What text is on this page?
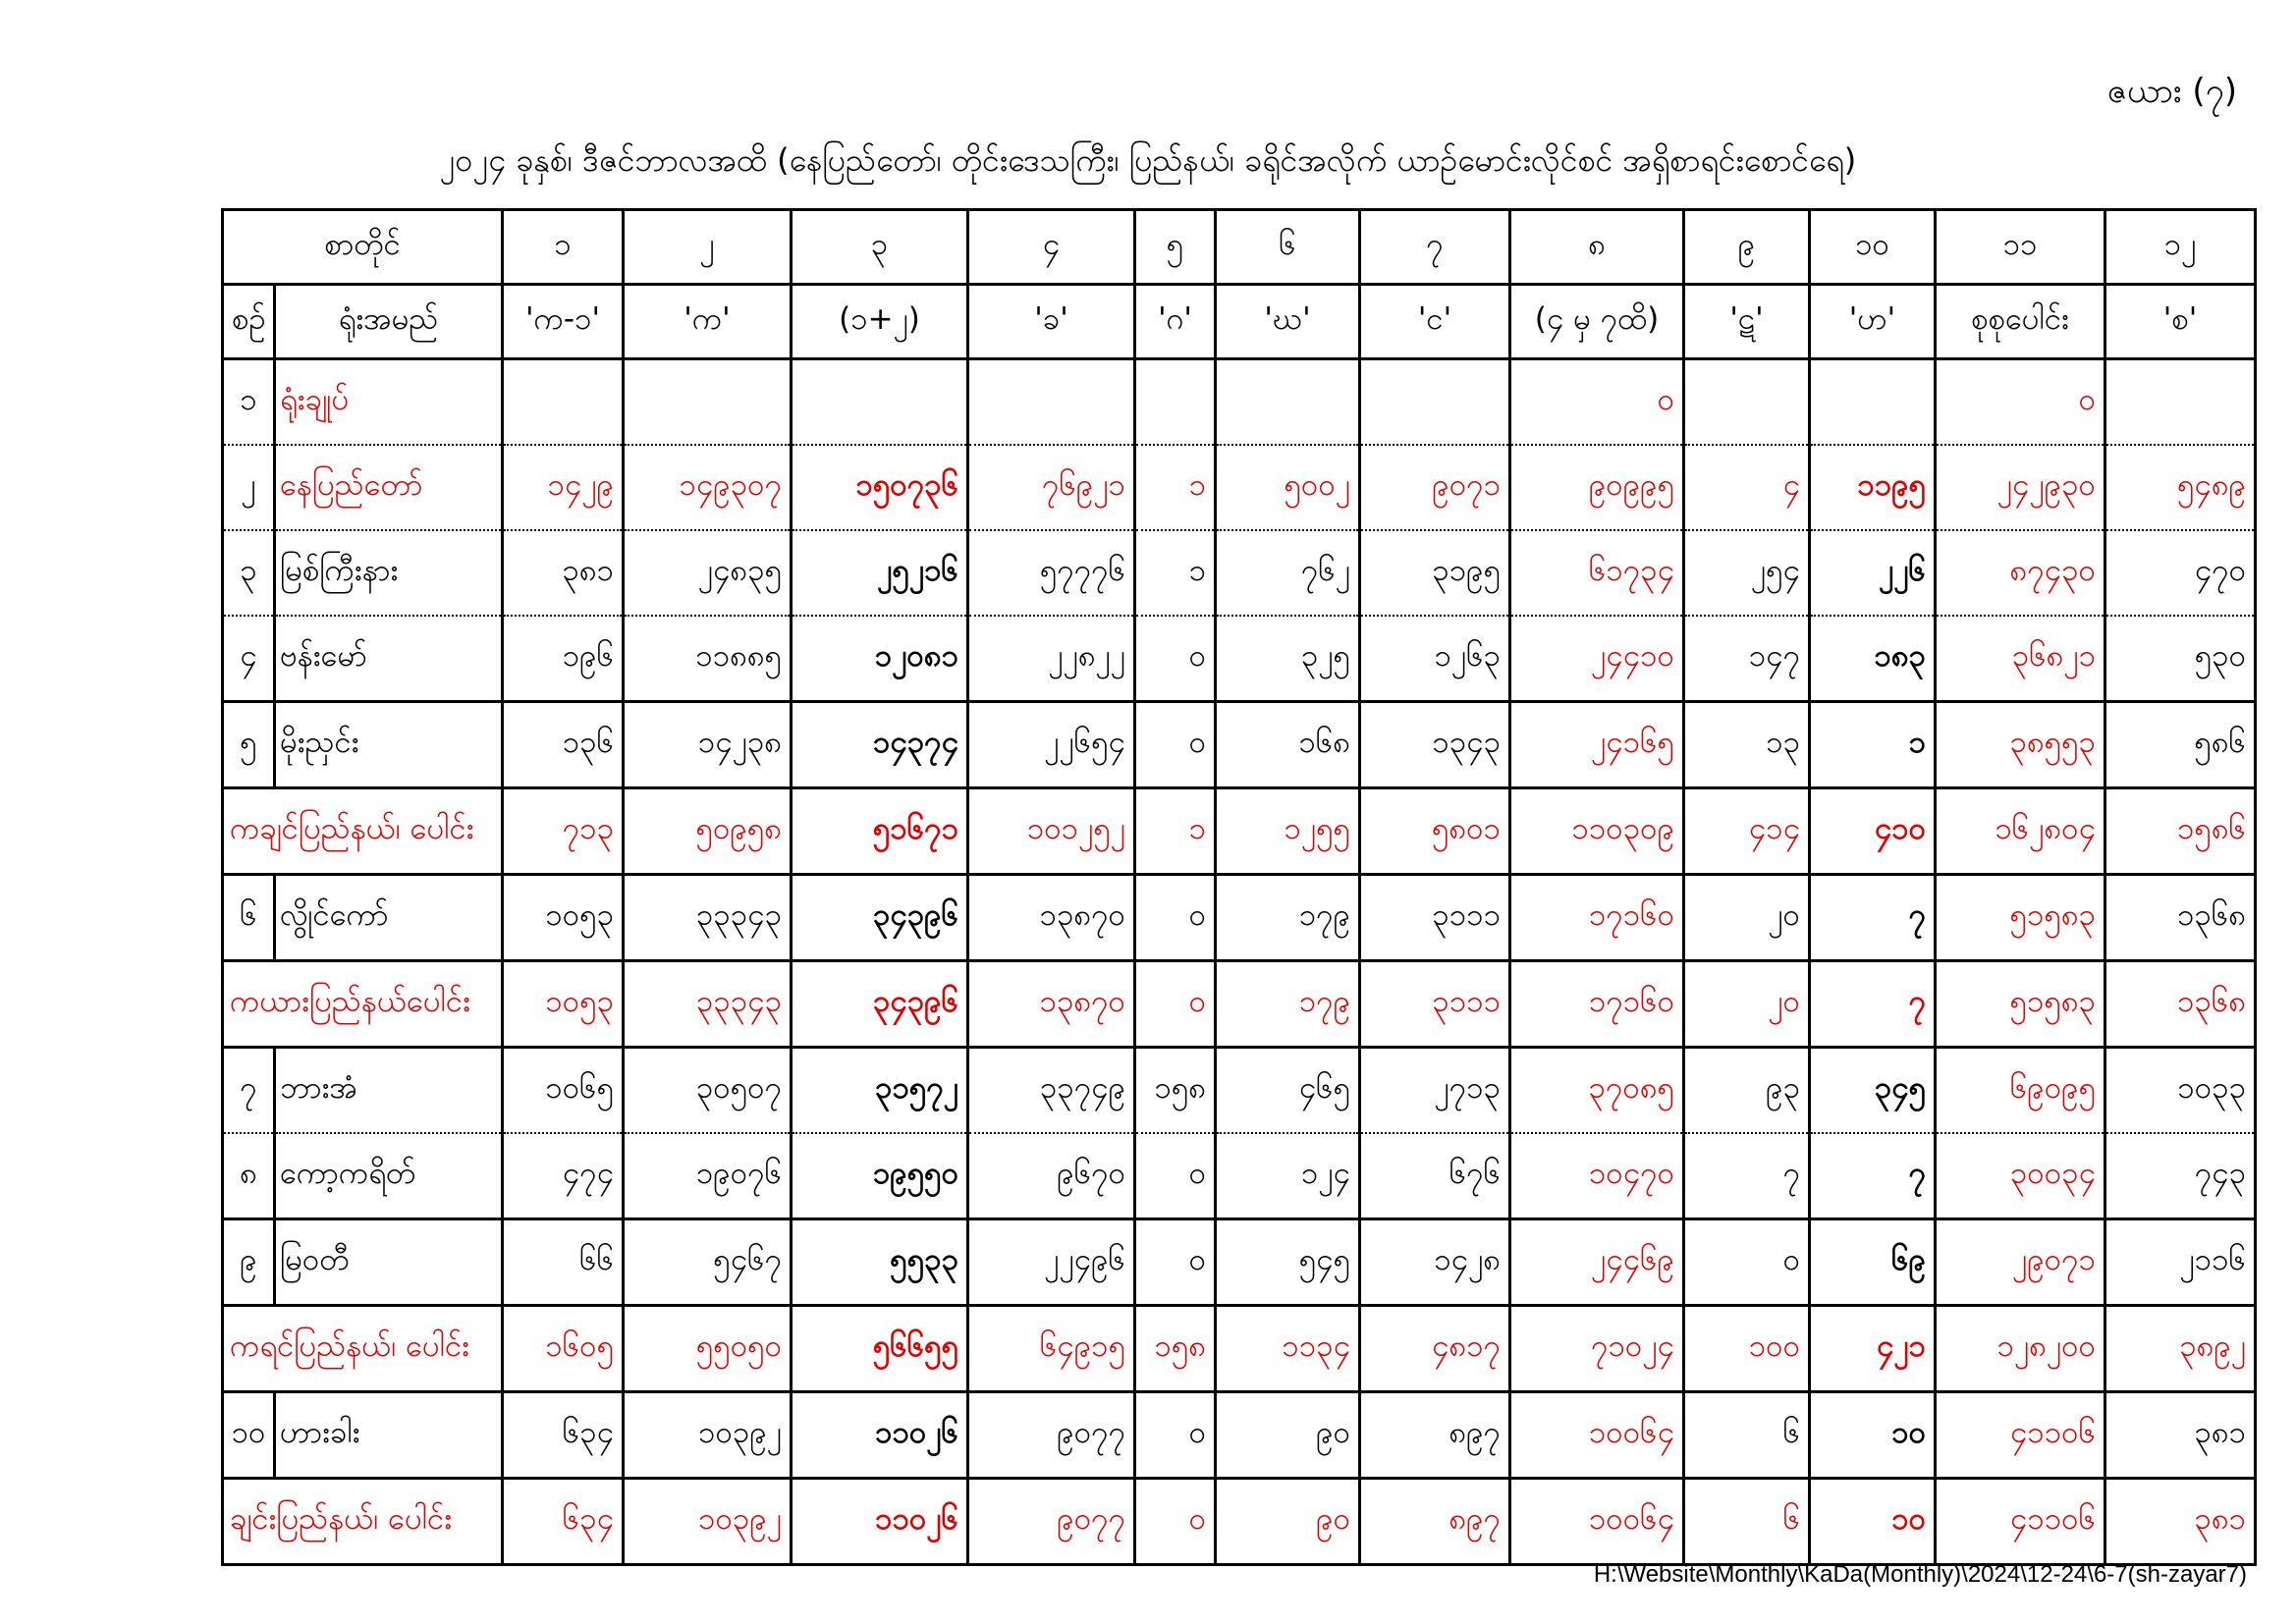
ဇယား (၇)
၂၀၂၄ ခုနှစ်၊ ဒီဇင်ဘာလအထိ (နေပြည်တော်၊ တိုင်းဒေသကြီး၊ ပြည်နယ်၊ ခရိုင်အလိုက် ယာဉ်မောင်းလိုင်စင် အရှိစာရင်းစောင်ရေ)
စာတိုင်		၁	၂	၃	၄	၅	၆	၇	၈	၉	၁၀	၁၁	၁၂
စဉ်	ရုံးအမည်	'က-၁'	'က'	(၁+၂)	'ခ'	'ဂ'	'ဃ'	'င'	(၄ မှ ၇ထိ)	'ဋ'	'ဟ'	စုစုပေါင်း	'စ'
၁	ရုံးချုပ်								၀			၀	
၂	နေပြည်တော်	၁၄၂၉	၁၄၉၃၀၇	၁၅၀၇၃၆	၇၆၉၂၁	၁	၅၀၀၂	၉၀၇၁	၉၀၉၉၅	၄	၁၁၉၅	၂၄၂၉၃၀	၅၄၈၉
၃	မြစ်ကြီးနား	၃၈၁	၂၄၈၃၅	၂၅၂၁၆	၅၇၇၇၆	၁	၇၆၂	၃၁၉၅	၆၁၇၃၄	၂၅၄	၂၂၆	၈၇၄၃၀	၄၇၀
၄	ဗန်းမော်	၁၉၆	၁၁၈၈၅	၁၂၀၈၁	၂၂၈၂၂	၀	၃၂၅	၁၂၆၃	၂၄၄၁၀	၁၄၇	၁၈၃	၃၆၈၂၁	၅၃၀
၅	မိုးညှင်း	၁၃၆	၁၄၂၃၈	၁၄၃၇၄	၂၂၆၅၄	၀	၁၆၈	၁၃၄၃	၂၄၁၆၅	၁၃	၁	၃၈၅၅၃	၅၈၆
ကချင်ပြည်နယ်၊ ပေါင်း		၇၁၃	၅၀၉၅၈	၅၁၆၇၁	၁၀၁၂၅၂	၁	၁၂၅၅	၅၈၀၁	၁၁၀၃၀၉	၄၁၄	၄၁၀	၁၆၂၈၀၄	၁၅၈၆
၆	လွိုင်ကော်	၁၀၅၃	၃၃၃၄၃	၃၄၃၉၆	၁၃၈၇၀	၀	၁၇၉	၃၁၁၁	၁၇၁၆၀	၂၀	၇	၅၁၅၈၃	၁၃၆၈
ကယားပြည်နယ်ပေါင်း		၁၀၅၃	၃၃၃၄၃	၃၄၃၉၆	၁၃၈၇၀	၀	၁၇၉	၃၁၁၁	၁၇၁၆၀	၂၀	၇	၅၁၅၈၃	၁၃၆၈
၇	ဘားအံ	၁၀၆၅	၃၀၅၀၇	၃၁၅၇၂	၃၃၇၄၉	၁၅၈	၄၆၅	၂၇၁၃	၃၇၀၈၅	၉၃	၃၄၅	၆၉၀၉၅	၁၀၃၃
၈	ကော့ကရိတ်	၄၇၄	၁၉၀၇၆	၁၉၅၅၀	၉၆၇၀	၀	၁၂၄	၆၇၆	၁၀၄၇၀	၇	၇	၃၀၀၃၄	၇၄၃
၉	မြဝတီ	၆၆	၅၄၆၇	၅၅၃၃	၂၂၄၉၆	၀	၅၄၅	၁၄၂၈	၂၄၄၆၉	၀	၆၉	၂၉၀၇၁	၂၁၁၆
ကရင်ပြည်နယ်၊ ပေါင်း		၁၆၀၅	၅၅၀၅၀	၅၆၆၅၅	၆၄၉၁၅	၁၅၈	၁၁၃၄	၄၈၁၇	၇၁၀၂၄	၁၀၀	၄၂၁	၁၂၈၂၀၀	၃၈၉၂
၁၀	ဟားခါး	၆၃၄	၁၀၃၉၂	၁၁၀၂၆	၉၀၇၇	၀	၉၀	၈၉၇	၁၀၀၆၄	၆	၁၀	၄၁၁၀၆	၃၈၁
ချင်းပြည်နယ်၊ ပေါင်း		၆၃၄	၁၀၃၉၂	၁၁၀၂၆	၉၀၇၇	၀	၉၀	၈၉၇	၁၀၀၆၄	၆	၁၀	၄၁၁၀၆	၃၈၁
H:\Website\Monthly\KaDa(Monthly)\2024\12-24\6-7(sh-zayar7)
